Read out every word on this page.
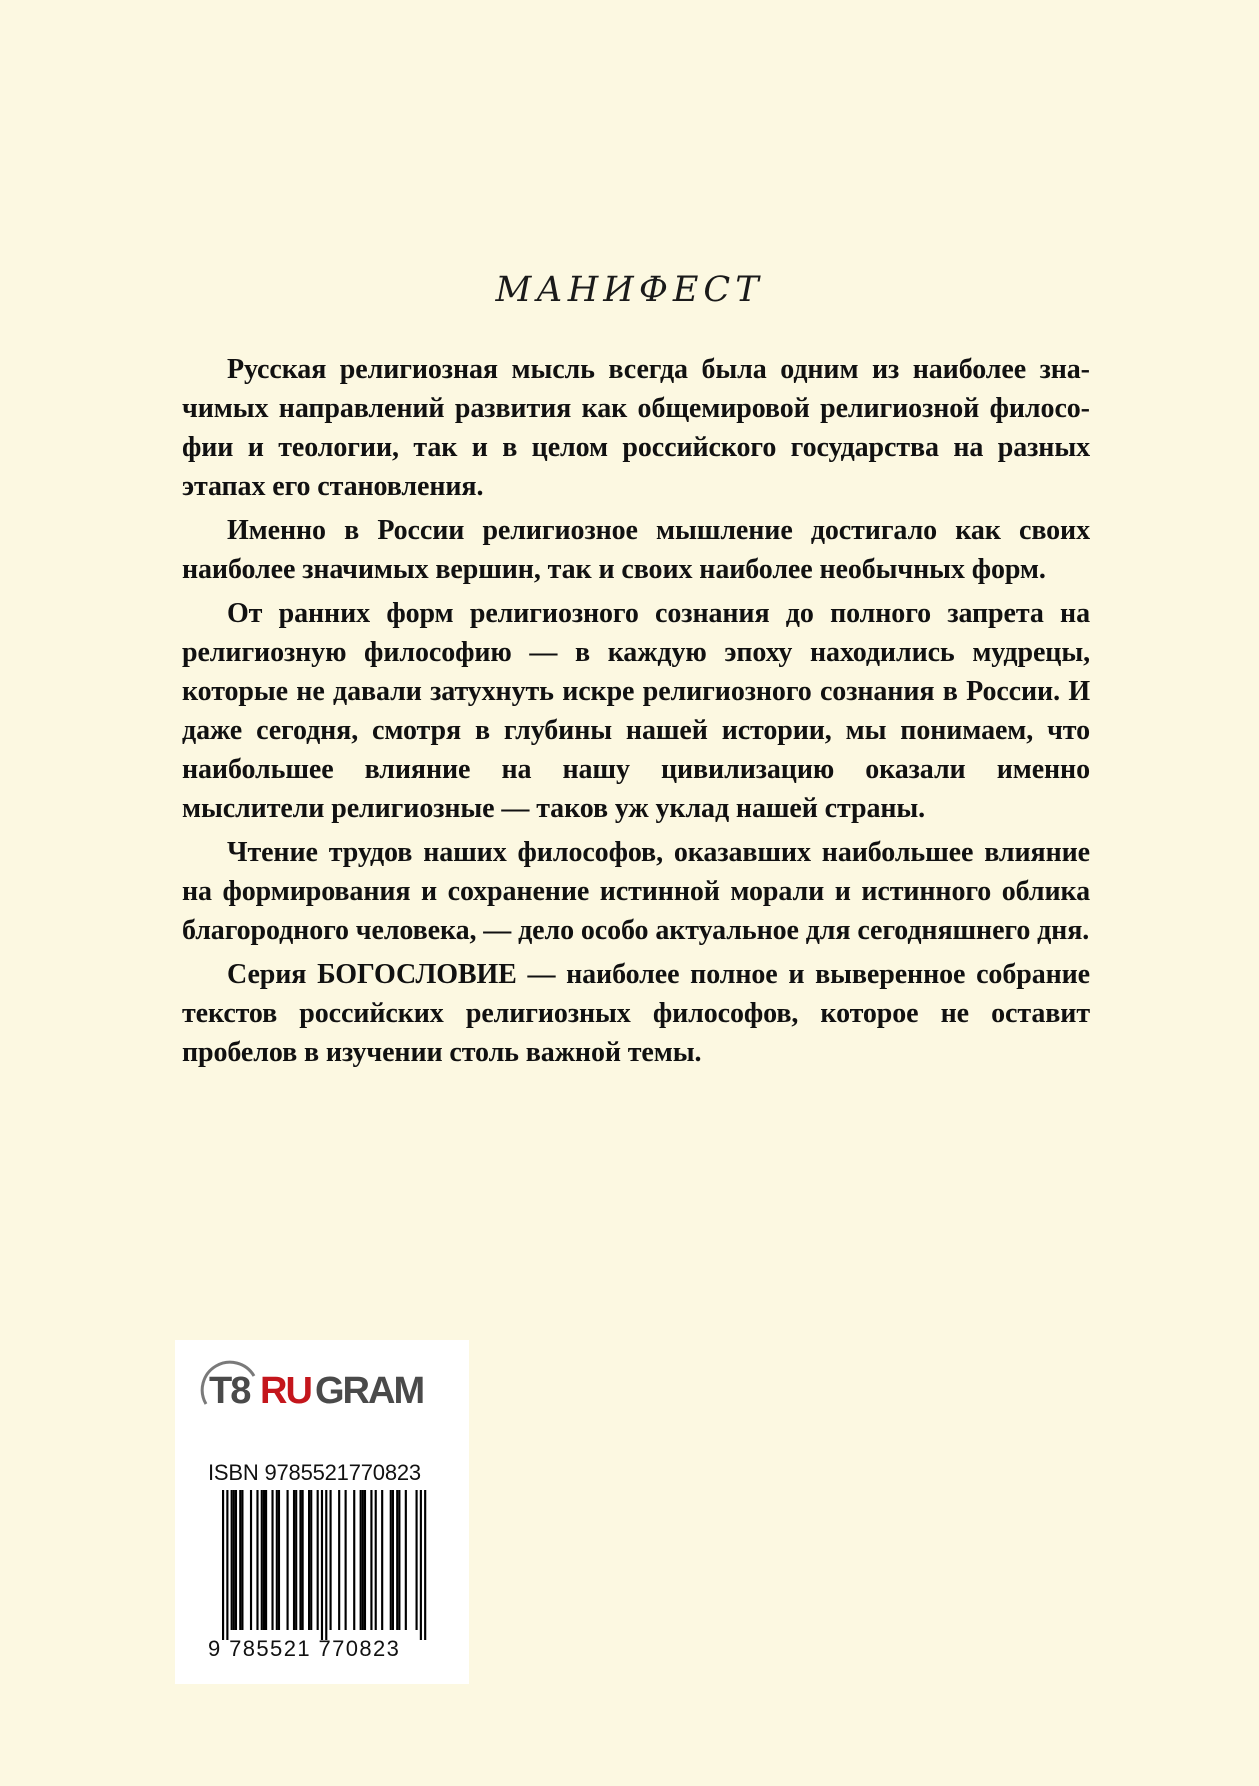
МАНИФЕСТ

Русская религиозная мысль всегда была одним из наиболее значимых направлений развития как общемировой религиозной философии и теологии, так и в целом российского государства на разных этапах его становления.

Именно в России религиозное мышление достигало как своих наиболее значимых вершин, так и своих наиболее необычных форм.

От ранних форм религиозного сознания до полного запрета на религиозную философию — в каждую эпоху находились мудрецы, которые не давали затухнуть искре религиозного сознания в России. И даже сегодня, смотря в глубины нашей истории, мы понимаем, что наибольшее влияние на нашу цивилизацию оказали именно мыслители религиозные — таков уж уклад нашей страны.

Чтение трудов наших философов, оказавших наибольшее влияние на формирования и сохранение истинной морали и истинного облика благородного человека, — дело особо актуальное для сегодняшнего дня.

Серия БОГОСЛОВИЕ — наиболее полное и выверенное собрание текстов российских религиозных философов, которое не оставит пробелов в изучении столь важной темы.

T8 RU GRAM
ISBN 9785521770823
9 785521 770823
